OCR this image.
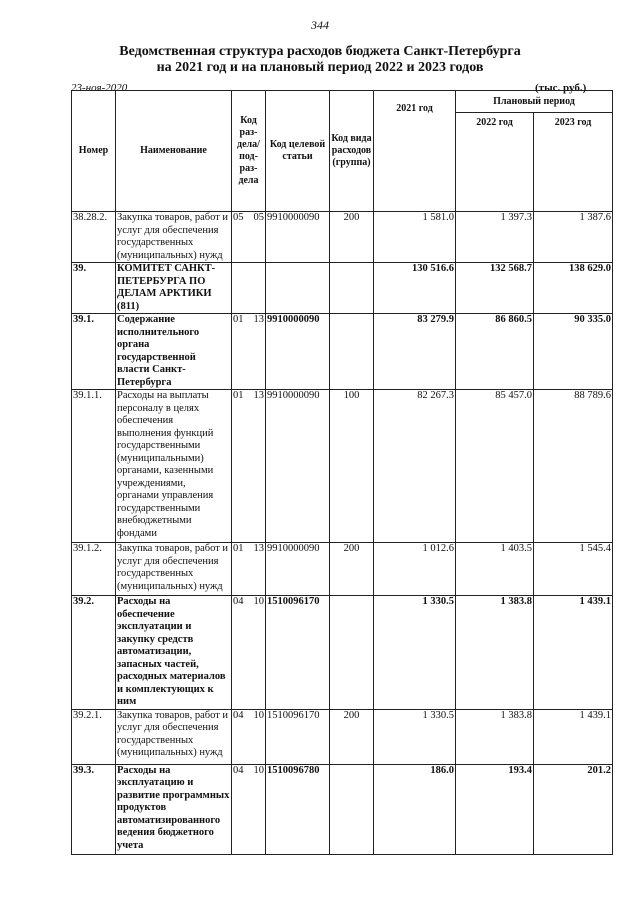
344
Ведомственная структура расходов бюджета Санкт-Петербурга
на 2021 год и на плановый период 2022 и 2023 годов
23-ноя-2020	(тыс. руб.)
Номер	Наименование	Код раз-дела/ под-раз-дела	Код целевой статьи	Код вида расходов (группа)	2021 год	Плановый период	
						2022 год	2023 год
38.28.2.	Закупка товаров, работ и услуг для обеспечения государственных (муниципальных) нужд	05 05	9910000090	200	1 581.0	1 397.3	1 387.6
39.	КОМИТЕТ САНКТ-ПЕТЕРБУРГА ПО ДЕЛАМ АРКТИКИ (811)				130 516.6	132 568.7	138 629.0
39.1.	Содержание исполнительного органа государственной власти Санкт-Петербурга	01 13	9910000090		83 279.9	86 860.5	90 335.0
39.1.1.	Расходы на выплаты персоналу в целях обеспечения выполнения функций государственными (муниципальными) органами, казенными учреждениями, органами управления государственными внебюджетными фондами	01 13	9910000090	100	82 267.3	85 457.0	88 789.6
39.1.2.	Закупка товаров, работ и услуг для обеспечения государственных (муниципальных) нужд	01 13	9910000090	200	1 012.6	1 403.5	1 545.4
39.2.	Расходы на обеспечение эксплуатации и закупку средств автоматизации, запасных частей, расходных материалов и комплектующих к ним	04 10	1510096170		1 330.5	1 383.8	1 439.1
39.2.1.	Закупка товаров, работ и услуг для обеспечения государственных (муниципальных) нужд	04 10	1510096170	200	1 330.5	1 383.8	1 439.1
39.3.	Расходы на эксплуатацию и развитие программных продуктов автоматизированного ведения бюджетного учета	04 10	1510096780		186.0	193.4	201.2
